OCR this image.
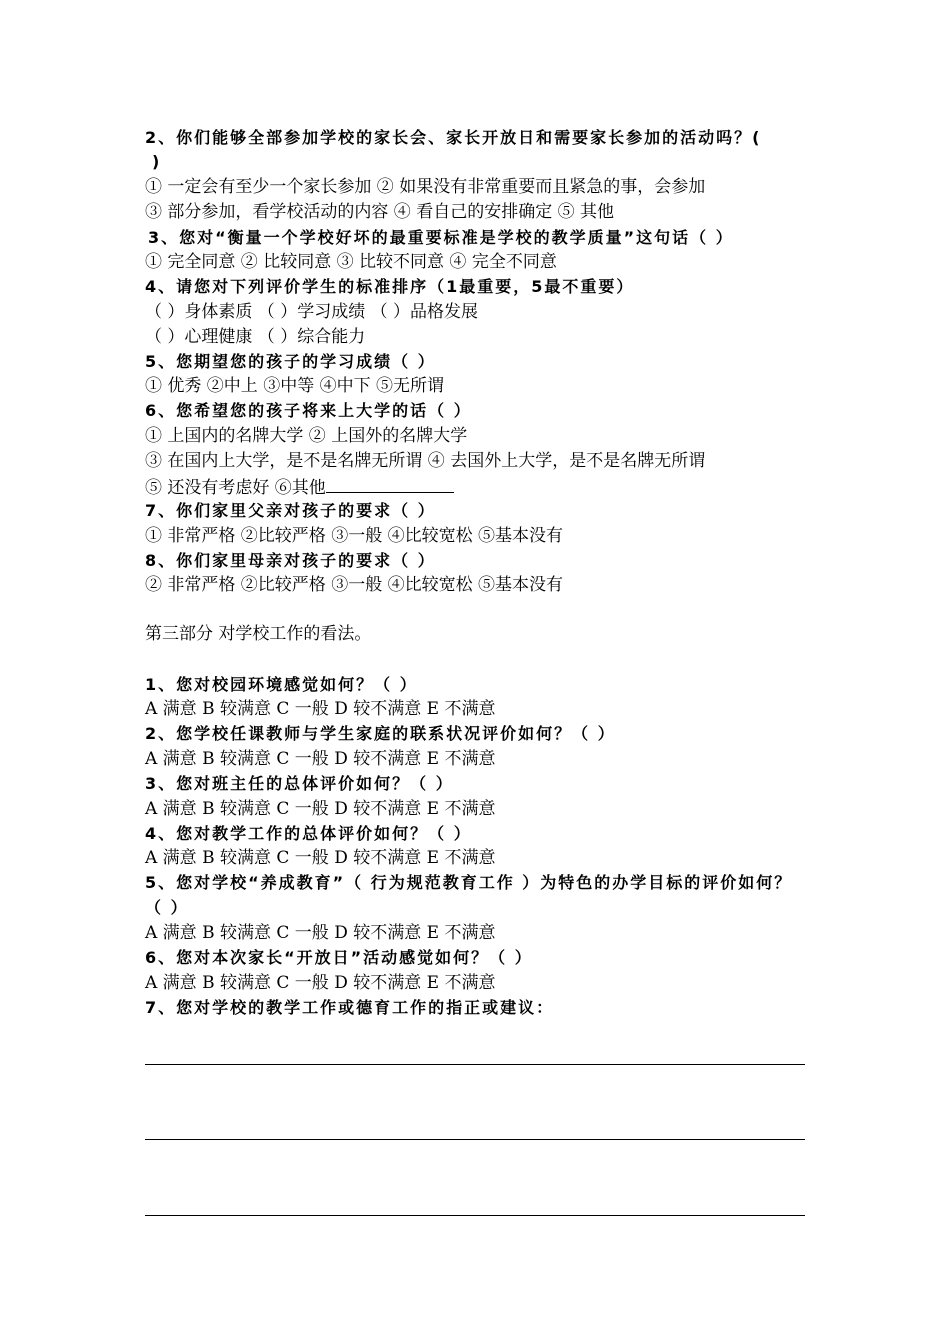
2、你们能够全部参加学校的家长会、家长开放日和需要家长参加的活动吗？(
)
① 一定会有至少一个家长参加 ② 如果没有非常重要而且紧急的事，会参加
③ 部分参加，看学校活动的内容 ④ 看自己的安排确定 ⑤ 其他
3、您对“衡量一个学校好坏的最重要标准是学校的教学质量”这句话（ ）
① 完全同意 ② 比较同意 ③ 比较不同意 ④ 完全不同意
4、请您对下列评价学生的标准排序（1最重要，5最不重要）
（ ）身体素质 （ ）学习成绩 （ ）品格发展
（ ）心理健康 （ ）综合能力
5、您期望您的孩子的学习成绩（ ）
① 优秀 ②中上 ③中等 ④中下 ⑤无所谓
6、您希望您的孩子将来上大学的话（ ）
① 上国内的名牌大学 ② 上国外的名牌大学
③ 在国内上大学，是不是名牌无所谓 ④ 去国外上大学，是不是名牌无所谓
⑤ 还没有考虑好 ⑥其他
7、你们家里父亲对孩子的要求（ ）
① 非常严格 ②比较严格 ③一般 ④比较宽松 ⑤基本没有
8、你们家里母亲对孩子的要求（ ）
② 非常严格 ②比较严格 ③一般 ④比较宽松 ⑤基本没有
第三部分 对学校工作的看法。
1、您对校园环境感觉如何？（ ）
A 满意 B 较满意 C 一般 D 较不满意 E 不满意
2、您学校任课教师与学生家庭的联系状况评价如何？（ ）
A 满意 B 较满意 C 一般 D 较不满意 E 不满意
3、您对班主任的总体评价如何？（ ）
A 满意 B 较满意 C 一般 D 较不满意 E 不满意
4、您对教学工作的总体评价如何？（ ）
A 满意 B 较满意 C 一般 D 较不满意 E 不满意
5、您对学校“养成教育”（ 行为规范教育工作 ）为特色的办学目标的评价如何？
（ ）
A 满意 B 较满意 C 一般 D 较不满意 E 不满意
6、您对本次家长“开放日”活动感觉如何？（ ）
A 满意 B 较满意 C 一般 D 较不满意 E 不满意
7、您对学校的教学工作或德育工作的指正或建议：
